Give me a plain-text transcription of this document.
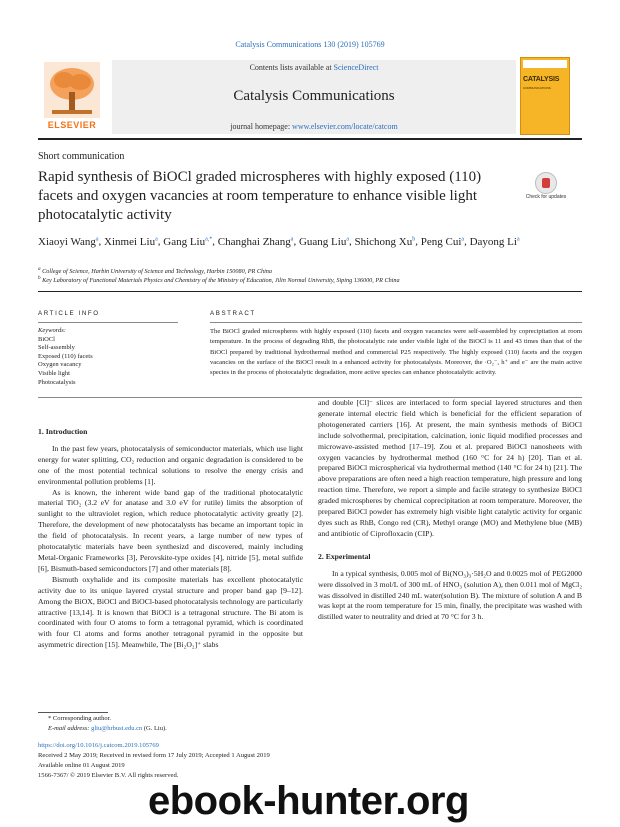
Catalysis Communications 130 (2019) 105769
ELSEVIER
Contents lists available at ScienceDirect
Catalysis Communications
journal homepage: www.elsevier.com/locate/catcom
CATALYSIS
COMMUNICATIONS
Short communication
Rapid synthesis of BiOCl graded microspheres with highly exposed (110) facets and oxygen vacancies at room temperature to enhance visible light photocatalytic activity
Check for updates
Xiaoyi Wang$^a$, Xinmei Liu$^a$, Gang Liu$^{a,*}$, Changhai Zhang$^a$, Guang Liu$^a$, Shichong Xu$^b$, Peng Cui$^a$, Dayong Li$^a$
$^a$ College of Science, Harbin University of Science and Technology, Harbin 150080, PR China
$^b$ Key Laboratory of Functional Materials Physics and Chemistry of the Ministry of Education, Jilin Normal University, Siping 136000, PR China
ARTICLE INFO	ABSTRACT
Keywords:
BiOCl
Self-assembly
Exposed (110) facets
Oxygen vacancy
Visible light
Photocatalysis
The BiOCl graded microspheres with highly exposed (110) facets and oxygen vacancies were self-assembled by coprecipitation at room temperature. In the process of degrading RhB, the photocatalytic rate under visible light of the BiOCl is 11 and 43 times than that of the BiOCl prepared by traditional hydrothermal method and commercial P25 respectively. The highly exposed (110) facets and the oxygen vacancies on the surface of the BiOCl result in a enhanced activity for photocatalysis. Moreover, the ·O₂⁻, h⁺ and e⁻ are the main active species in the process of photocatalytic degradation, more active species can enhance photocatalytic activity.

1. Introduction

In the past few years, photocatalysis of semiconductor materials, which use light energy for water splitting, CO₂ reduction and organic degradation is considered to be one of the most potential technical solutions to resolve the energy crisis and environmental pollution problems [1].

As is known, the inherent wide band gap of the traditional photocatalytic material TiO₂ (3.2 eV for anatase and 3.0 eV for rutile) limits the absorption of sunlight to the ultraviolet region, which reduce photocatalytic activity greatly [2]. Therefore, the development of new photocatalysts has became an important topic in the field of photocatalysis. In recent years, a large number of new types of photocatalytic materials have been synthesizd and discovered, mainly including Metal-Organic Frameworks [3], Perovskite-type oxides [4], nitride [5], metal sulfide [6], Bismuth-based semiconductors [7] and other materials [8].

Bismuth oxyhalide and its composite materials has excellent photocatalytic activity due to its unique layered crystal structure and proper band gap [9–12]. Among the BiOX, BiOCl and BiOCl-based photocatalysis technology are particularly attractive [13,14]. It is known that BiOCl is a tetragonal structure. The Bi atom is coordinated with four O atoms to form a tetragonal pyramid, which is coordinated with four Cl atoms and forms another tetragonal pyramid in the opposite but asymmetric direction [15]. Meanwhile, The [Bi₂O₂]⁺ slabs

and double [Cl]⁻ slices are interlaced to form special layered structures and then generate internal electric field which is beneficial for the efficient separation of photogenerated carriers [16]. At present, the main synthesis methods of BiOCl include solvothermal, precipitation, calcination, ionic liquid modified processes and microwave-assisted method [17–19]. Zou et al. prepared BiOCl nanosheets with oxygen vacancies by hydrothermal method (160 °C for 24 h) [20]. Tian et al. prepared BiOCl microspherical via hydrothermal method (140 °C for 24 h) [21]. The above preparations are often need a high reaction temperature, high pressure and long reaction time. Therefore, we report a simple and facile strategy to synthesize BiOCl graded microspheres by chemical coprecipitation at room temperature. Moreover, the prepared BiOCl powder has extremely high visible light catalytic activity for organic dyes such as RhB, Congo red (CR), Methyl orange (MO) and Methylene blue (MB) and antibiotic of Ciprofloxacin (CIP).

2. Experimental

In a typical synthesis, 0.005 mol of Bi(NO₃)₃·5H₂O and 0.0025 mol of PEG2000 were dissolved in 3 mol/L of 300 mL of HNO₃ (solution A), then 0.011 mol of MgCl₂ was dissolved in distilled 240 mL water(solution B). The mixture of solution A and B was kept at the room temperature for 15 min, finally, the precipitate was washed with distilled water to neutrality and dried at 70 °C for 3 h.

* Corresponding author.
E-mail address: gliu@hrbust.edu.cn (G. Liu).
https://doi.org/10.1016/j.catcom.2019.105769
Received 2 May 2019; Received in revised form 17 July 2019; Accepted 1 August 2019
Available online 01 August 2019
1566-7367/ © 2019 Elsevier B.V. All rights reserved.
ebook-hunter.org
